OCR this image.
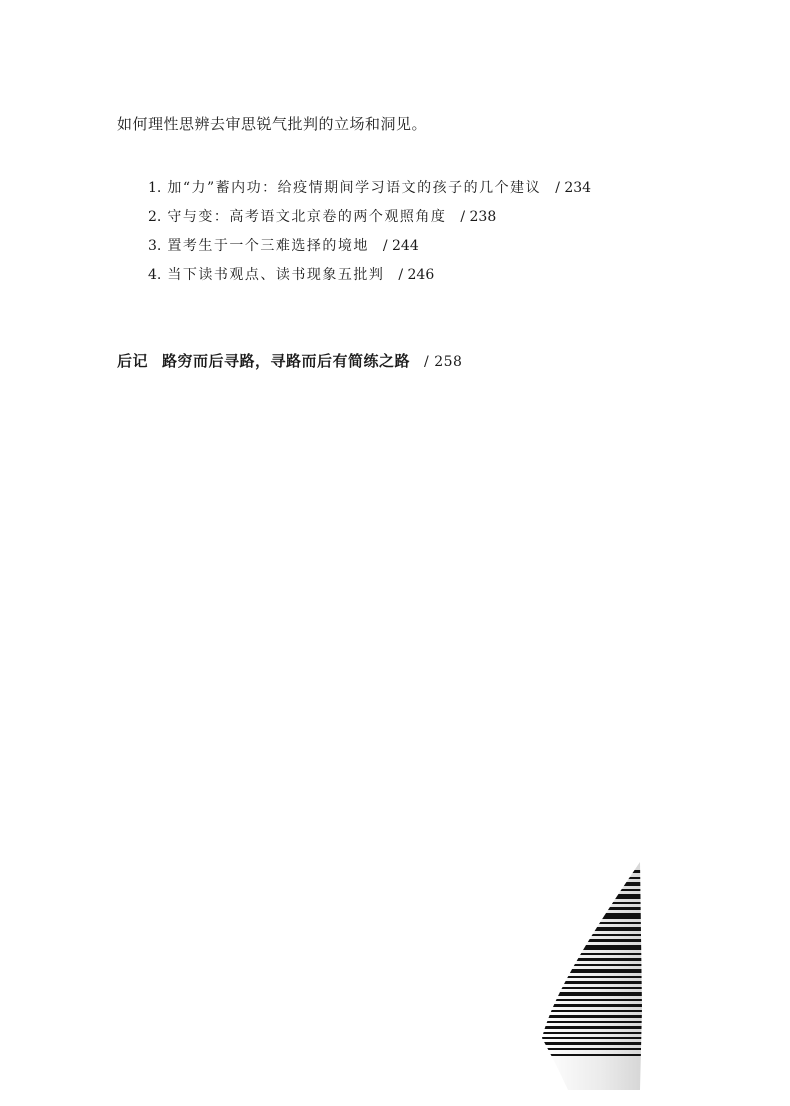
如何理性思辨去审思锐气批判的立场和洞见。
1. 加“力”蓄内功：给疫情期间学习语文的孩子的几个建议 / 234
2. 守与变：高考语文北京卷的两个观照角度 / 238
3. 置考生于一个三难选择的境地 / 244
4. 当下读书观点、读书现象五批判 / 246
后记 路穷而后寻路，寻路而后有简练之路 / 258
